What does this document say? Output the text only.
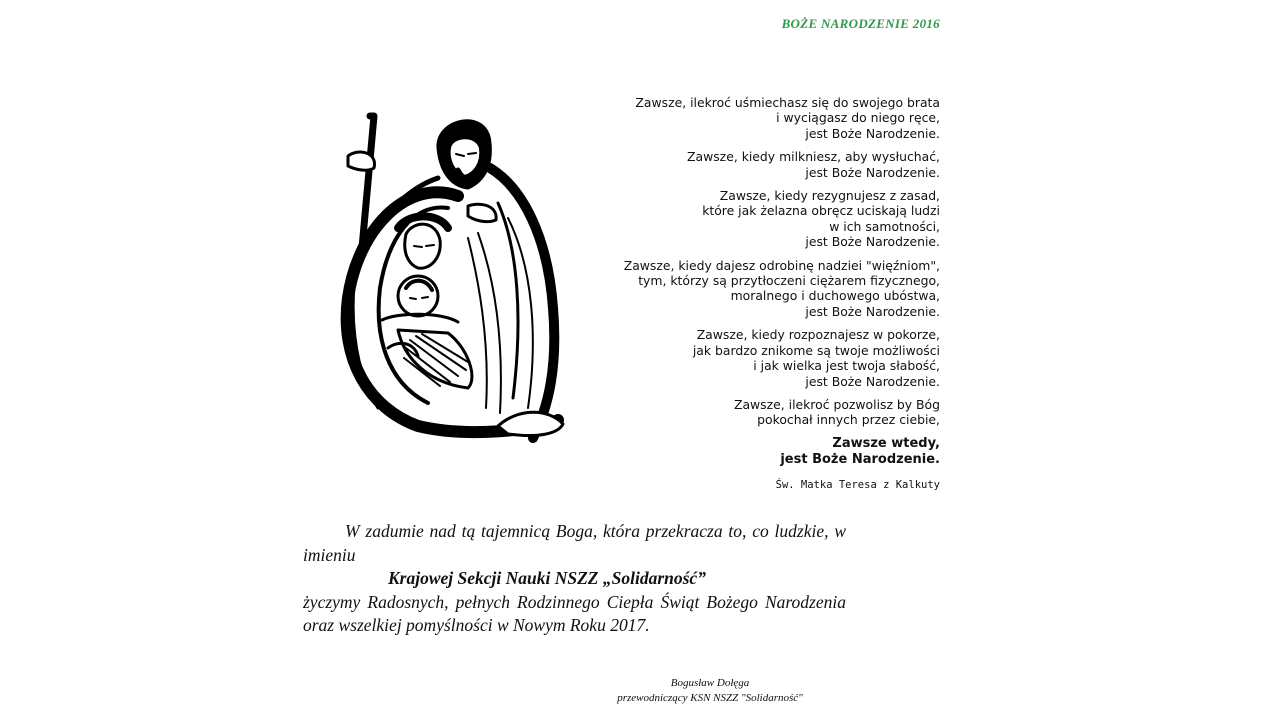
BOŻE NARODZENIE 2016
Zawsze, ilekroć uśmiechasz się do swojego brata
i wyciągasz do niego ręce,
jest Boże Narodzenie.
Zawsze, kiedy milkniesz, aby wysłuchać,
jest Boże Narodzenie.
Zawsze, kiedy rezygnujesz z zasad,
które jak żelazna obręcz uciskają ludzi
w ich samotności,
jest Boże Narodzenie.
Zawsze, kiedy dajesz odrobinę nadziei "więźniom",
tym, którzy są przytłoczeni ciężarem fizycznego,
moralnego i duchowego ubóstwa,
jest Boże Narodzenie.
Zawsze, kiedy rozpoznajesz w pokorze,
jak bardzo znikome są twoje możliwości
i jak wielka jest twoja słabość,
jest Boże Narodzenie.
Zawsze, ilekroć pozwolisz by Bóg
pokochał innych przez ciebie,
Zawsze wtedy,
jest Boże Narodzenie.
Św. Matka Teresa z Kalkuty

W zadumie nad tą tajemnicą Boga, która przekracza to, co ludzkie, w imieniu

Krajowej Sekcji Nauki NSZZ „Solidarność”

życzymy Radosnych, pełnych Rodzinnego Ciepła Świąt Bożego Narodzenia oraz wszelkiej pomyślności w Nowym Roku 2017.

Bogusław Dołęga
przewodniczący KSN NSZZ "Solidarność"
